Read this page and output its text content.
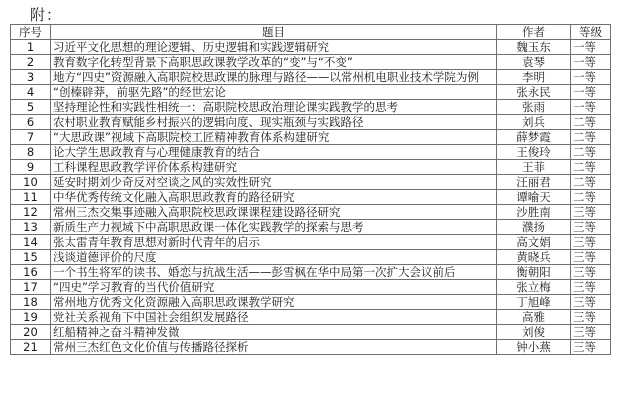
附：
序号	题目	作者	等级
1	习近平文化思想的理论逻辑、历史逻辑和实践逻辑研究	魏玉东	一等
2	教育数字化转型背景下高职思政课教学改革的“变”与“不变”	袁琴	一等
3	地方“四史”资源融入高职院校思政课的脉理与路径——以常州机电职业技术学院为例	李明	一等
4	“创榛辟莽，前驱先路”的经世宏论	张永民	一等
5	坚持理论性和实践性相统一：高职院校思政治理论课实践教学的思考	张雨	一等
6	农村职业教育赋能乡村振兴的逻辑向度、现实瓶颈与实践路径	刘兵	二等
7	“大思政课”视域下高职院校工匠精神教育体系构建研究	薛梦霞	二等
8	论大学生思政教育与心理健康教育的结合	王俊玲	二等
9	工科课程思政教学评价体系构建研究	王菲	二等
10	延安时期刘少奇反对空谈之风的实效性研究	汪丽君	二等
11	中华优秀传统文化融入高职思政教育的路径研究	谭喻天	二等
12	常州三杰交集事迹融入高职院校思政课课程建设路径研究	沙胜南	三等
13	新质生产力视域下中高职思政课一体化实践教学的探索与思考	濮扬	三等
14	张太雷青年教育思想对新时代青年的启示	高文娟	三等
15	浅谈道德评价的尺度	黄晓兵	三等
16	一个书生将军的读书、婚恋与抗战生活——彭雪枫在华中局第一次扩大会议前后	衡朝阳	三等
17	“四史”学习教育的当代价值研究	张立梅	三等
18	常州地方优秀文化资源融入高职思政课教学研究	丁旭峰	三等
19	党社关系视角下中国社会组织发展路径	高雅	三等
20	红船精神之奋斗精神发微	刘俊	三等
21	常州三杰红色文化价值与传播路径探析	钟小燕	三等
